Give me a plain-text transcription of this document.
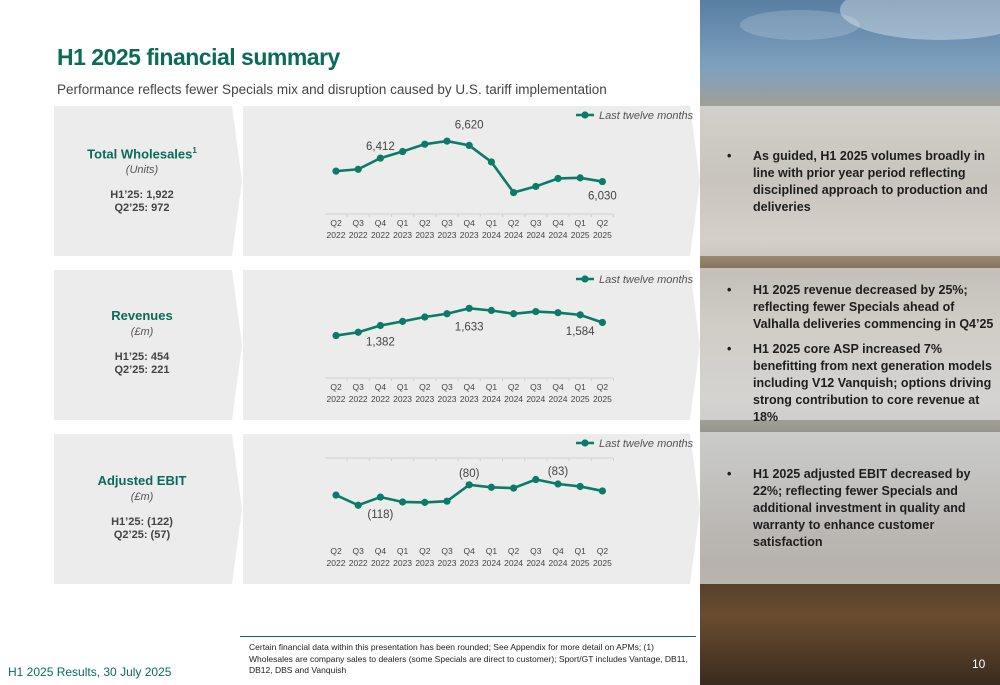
H1 2025 financial summary
Performance reflects fewer Specials mix and disruption caused by U.S. tariff implementation
Total Wholesales$^1$
(Units)
H1’25: 1,922
Q2’25: 972
Revenues
(£m)
H1’25: 454
Q2’25: 221
Adjusted EBIT
(£m)
H1’25: (122)
Q2’25: (57)
Q2 2022
Q3 2022
Q4 2022
Q1 2023
Q2 2023
Q3 2023
Q4 2023
Q1 2024
Q2 2024
Q3 2024
Q4 2024
Q1 2025
Q2 2025
6,412
6,620
6,030
Last twelve months
Q2 2022
Q3 2022
Q4 2022
Q1 2023
Q2 2023
Q3 2023
Q4 2023
Q1 2024
Q2 2024
Q3 2024
Q4 2024
Q1 2025
Q2 2025
1,382
1,633	1,584
Last twelve months
Q2 2022
Q3 2022
Q4 2022
Q1 2023
Q2 2023
Q3 2023
Q4 2023
Q1 2024
Q2 2024
Q3 2024
Q4 2024
Q1 2025
Q2 2025
(118)
(80)	(83)
Last twelve months
• As guided, H1 2025 volumes broadly in line with prior year period reflecting disciplined approach to production and deliveries
• H1 2025 revenue decreased by 25%; reflecting fewer Specials ahead of Valhalla deliveries commencing in Q4’25
• H1 2025 core ASP increased 7% benefitting from next generation models including V12 Vanquish; options driving strong contribution to core revenue at 18%
• H1 2025 adjusted EBIT decreased by 22%; reflecting fewer Specials and additional investment in quality and warranty to enhance customer satisfaction
Certain financial data within this presentation has been rounded; See Appendix for more detail on APMs; (1) Wholesales are company sales to dealers (some Specials are direct to customer); Sport/GT includes Vantage, DB11, DB12, DBS and Vanquish
H1 2025 Results, 30 July 2025
10
